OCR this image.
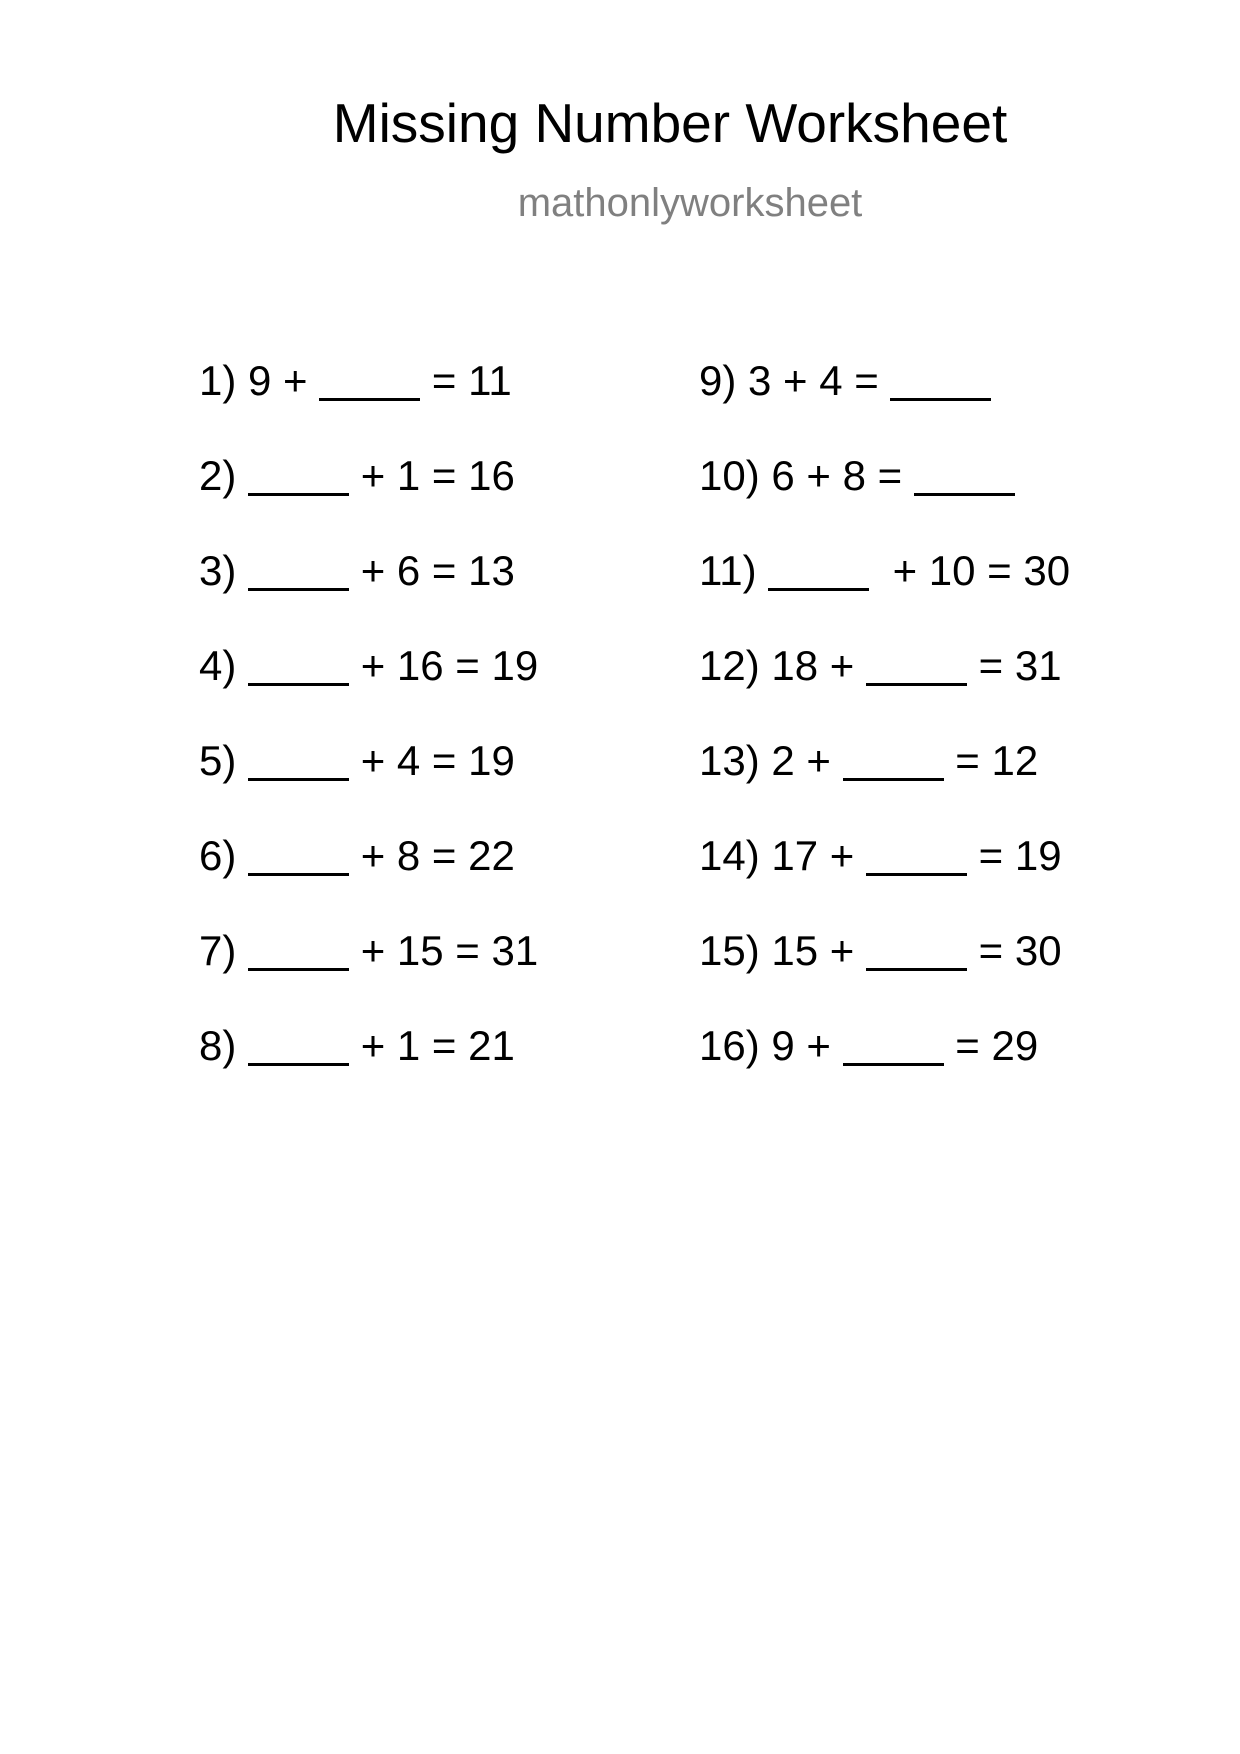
Missing Number Worksheet
mathonlyworksheet
1) 9 + = 11
2)
	+ 1 = 16
3)
	+ 6 = 13
4)
	+ 16 = 19
5)
	+ 4 = 19
6)
	+ 8 = 22
7)
	+ 15 = 31
8)
	+ 1 = 21
9) 3 + 4 =
10) 6 + 8 =
11)
	+ 10 = 30
12) 18 + = 31
13) 2 + = 12
14) 17 + = 19
15) 15 + = 30
16) 9 + = 29
